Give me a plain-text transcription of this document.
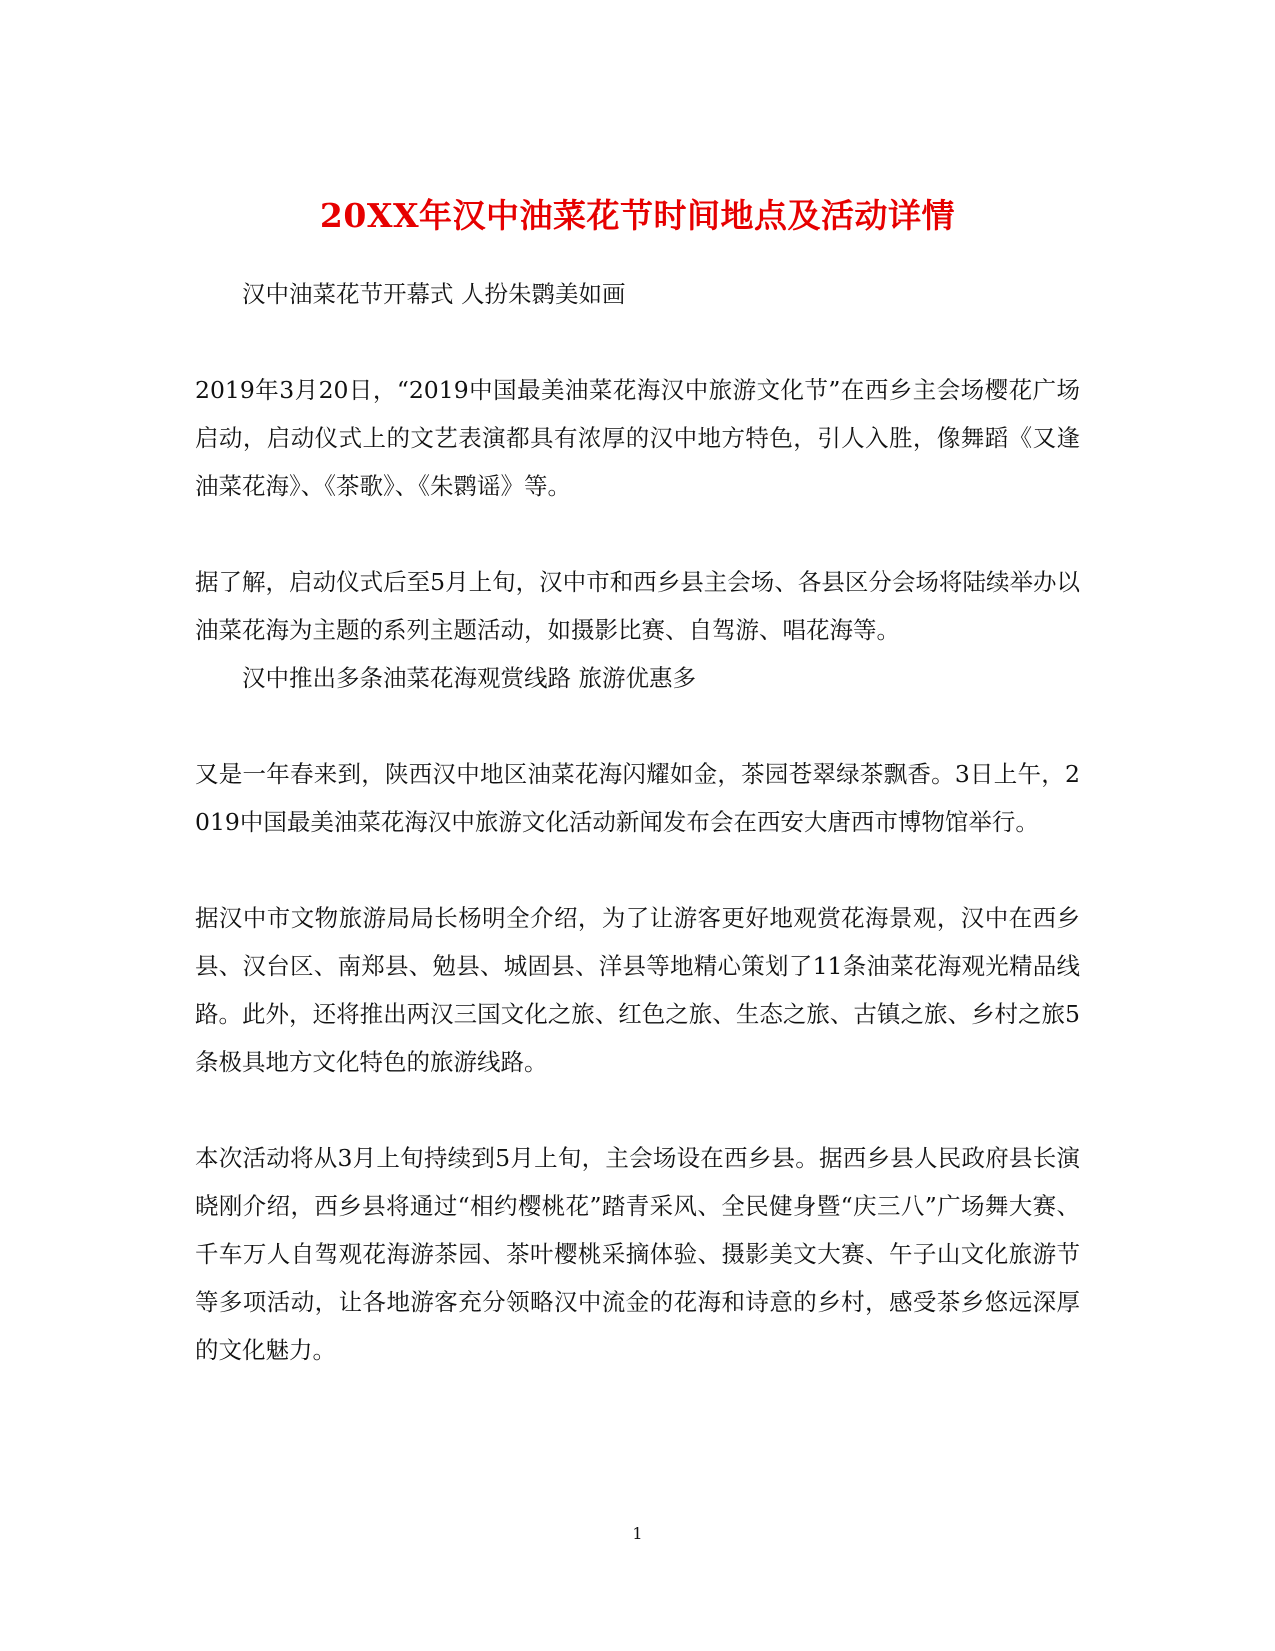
20XX年汉中油菜花节时间地点及活动详情

汉中油菜花节开幕式 人扮朱鹮美如画

2019年3月20日，“2019中国最美油菜花海汉中旅游文化节”在西乡主会场樱花广场启动，启动仪式上的文艺表演都具有浓厚的汉中地方特色，引人入胜，像舞蹈《又逢油菜花海》、《茶歌》、《朱鹮谣》等。

据了解，启动仪式后至5月上旬，汉中市和西乡县主会场、各县区分会场将陆续举办以油菜花海为主题的系列主题活动，如摄影比赛、自驾游、唱花海等。

汉中推出多条油菜花海观赏线路 旅游优惠多

又是一年春来到，陕西汉中地区油菜花海闪耀如金，茶园苍翠绿茶飘香。3日上午，2019中国最美油菜花海汉中旅游文化活动新闻发布会在西安大唐西市博物馆举行。

据汉中市文物旅游局局长杨明全介绍，为了让游客更好地观赏花海景观，汉中在西乡县、汉台区、南郑县、勉县、城固县、洋县等地精心策划了11条油菜花海观光精品线路。此外，还将推出两汉三国文化之旅、红色之旅、生态之旅、古镇之旅、乡村之旅5条极具地方文化特色的旅游线路。

本次活动将从3月上旬持续到5月上旬，主会场设在西乡县。据西乡县人民政府县长演晓刚介绍，西乡县将通过“相约樱桃花”踏青采风、全民健身暨“庆三八”广场舞大赛、千车万人自驾观花海游茶园、茶叶樱桃采摘体验、摄影美文大赛、午子山文化旅游节等多项活动，让各地游客充分领略汉中流金的花海和诗意的乡村，感受茶乡悠远深厚的文化魅力。

1
